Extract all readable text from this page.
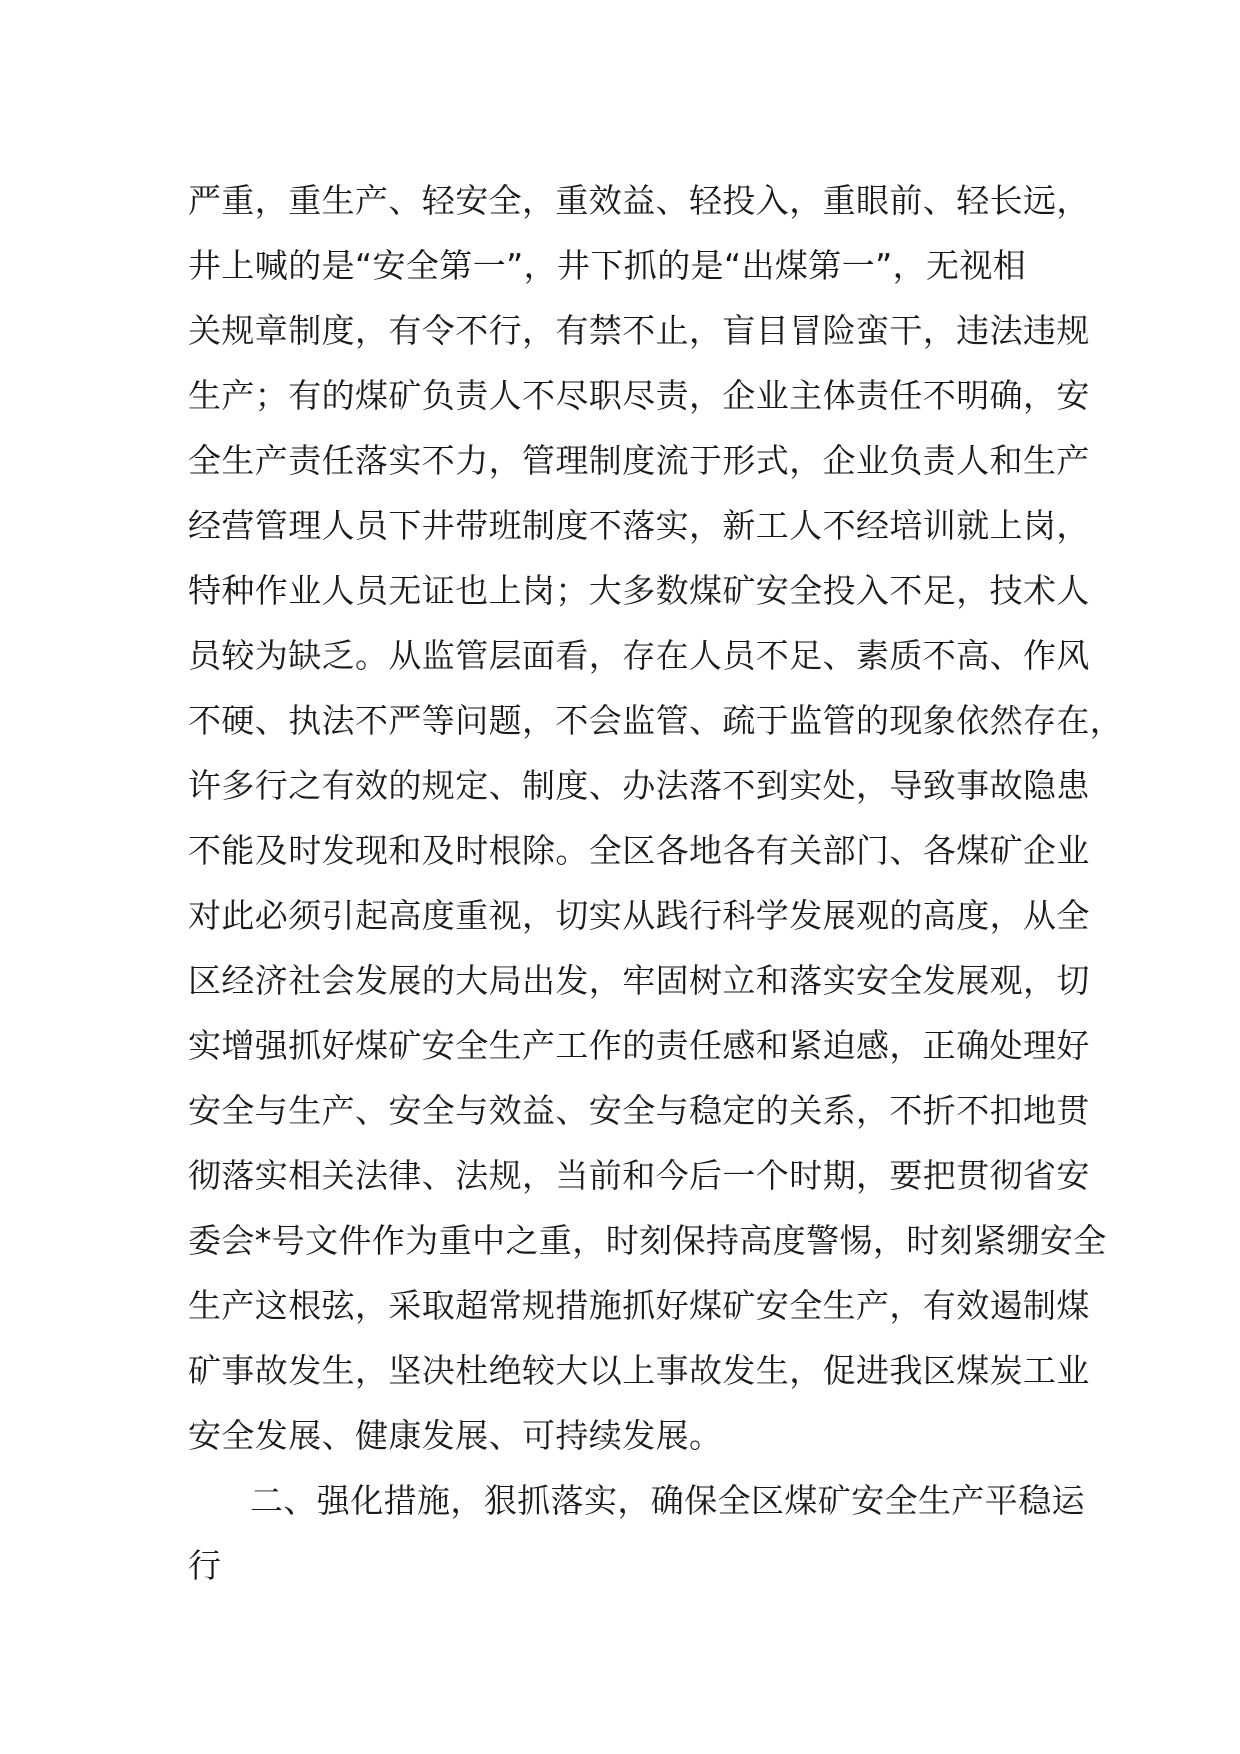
严重，重生产、轻安全，重效益、轻投入，重眼前、轻长远，
井上喊的是“安全第一”，井下抓的是“出煤第一”，无视相
关规章制度，有令不行，有禁不止，盲目冒险蛮干，违法违规
生产；有的煤矿负责人不尽职尽责，企业主体责任不明确，安
全生产责任落实不力，管理制度流于形式，企业负责人和生产
经营管理人员下井带班制度不落实，新工人不经培训就上岗，
特种作业人员无证也上岗；大多数煤矿安全投入不足，技术人
员较为缺乏。从监管层面看，存在人员不足、素质不高、作风
不硬、执法不严等问题，不会监管、疏于监管的现象依然存在，
许多行之有效的规定、制度、办法落不到实处，导致事故隐患
不能及时发现和及时根除。全区各地各有关部门、各煤矿企业
对此必须引起高度重视，切实从践行科学发展观的高度，从全
区经济社会发展的大局出发，牢固树立和落实安全发展观，切
实增强抓好煤矿安全生产工作的责任感和紧迫感，正确处理好
安全与生产、安全与效益、安全与稳定的关系，不折不扣地贯
彻落实相关法律、法规，当前和今后一个时期，要把贯彻省安
委会*号文件作为重中之重，时刻保持高度警惕，时刻紧绷安全
生产这根弦，采取超常规措施抓好煤矿安全生产，有效遏制煤
矿事故发生，坚决杜绝较大以上事故发生，促进我区煤炭工业
安全发展、健康发展、可持续发展。
二、强化措施，狠抓落实，确保全区煤矿安全生产平稳运
行
